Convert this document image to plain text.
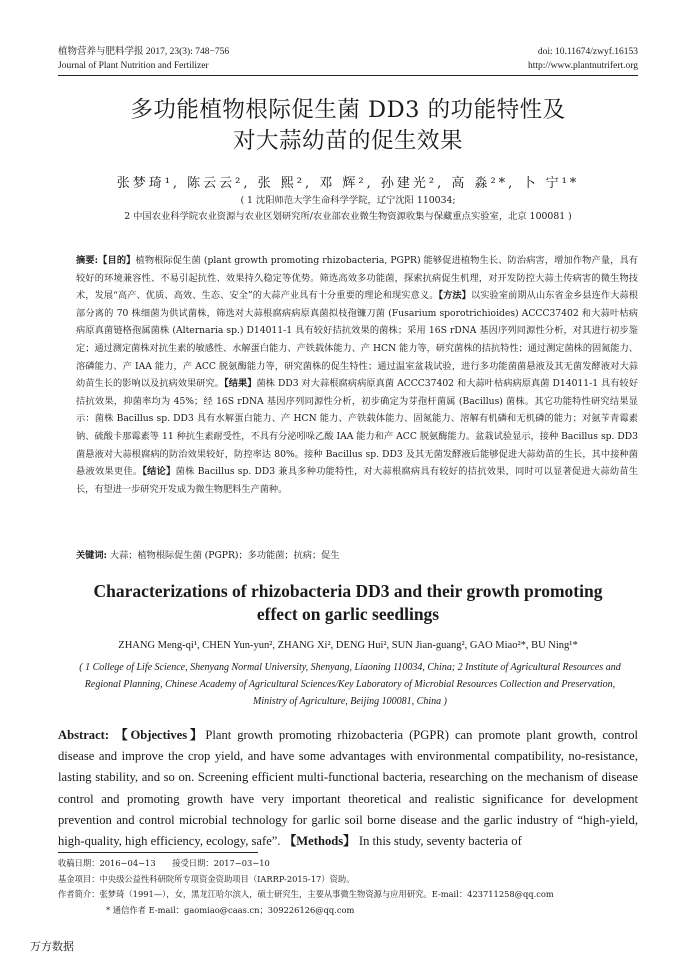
植物营养与肥料学报 2017, 23(3): 748−756
Journal of Plant Nutrition and Fertilizer
doi: 10.11674/zwyf.16153
http://www.plantnutrifert.org
多功能植物根际促生菌 DD3 的功能特性及
对大蒜幼苗的促生效果
张梦琦¹, 陈云云², 张 熙², 邓 辉², 孙建光², 高 淼²*, 卜 宁¹*
( 1 沈阳师范大学生命科学学院，辽宁沈阳 110034;
2 中国农业科学院农业资源与农业区划研究所/农业部农业微生物资源收集与保藏重点实验室，北京 100081 )
摘要:【目的】植物根际促生菌 (plant growth promoting rhizobacteria, PGPR) 能够促进植物生长、防治病害，增加作物产量，具有较好的环境兼容性、不易引起抗性、效果持久稳定等优势。筛选高效多功能菌，探索抗病促生机理，对开发防控大蒜土传病害的微生物技术，发展“高产、优质、高效、生态、安全”的大蒜产业具有十分重要的理论和现实意义。【方法】以实验室前期从山东省金乡县连作大蒜根部分离的 70 株细菌为供试菌株，筛选对大蒜根腐病病原真菌拟枝孢镰刀菌 (Fusarium sporotrichioides) ACCC37402 和大蒜叶枯病病原真菌链格孢属菌株 (Alternaria sp.) D14011-1 具有较好拮抗效果的菌株；采用 16S rDNA 基因序列同源性分析，对其进行初步鉴定；通过测定菌株对抗生素的敏感性、水解蛋白能力、产铁载体能力、产 HCN 能力等，研究菌株的拮抗特性；通过测定菌株的固氮能力、溶磷能力、产 IAA 能力，产 ACC 脱氨酶能力等，研究菌株的促生特性；通过温室盆栽试验，进行多功能菌菌悬液及其无菌发酵液对大蒜幼苗生长的影响以及抗病效果研究。【结果】菌株 DD3 对大蒜根腐病病原真菌 ACCC37402 和大蒜叶枯病病原真菌 D14011-1 具有较好拮抗效果，抑菌率均为 45%；经 16S rDNA 基因序列同源性分析，初步确定为芽孢杆菌属 (Bacillus) 菌株。其它功能特性研究结果显示：菌株 Bacillus sp. DD3 具有水解蛋白能力、产 HCN 能力、产铁载体能力、固氮能力、溶解有机磷和无机磷的能力；对氨苄青霉素钠、硫酸卡那霉素等 11 种抗生素耐受性，不具有分泌吲哚乙酸 IAA 能力和产 ACC 脱氨酶能力。盆栽试验显示，接种 Bacillus sp. DD3 菌悬液对大蒜根腐病的防治效果较好，防控率达 80%。接种 Bacillus sp. DD3 及其无菌发酵液后能够促进大蒜幼苗的生长，其中接种菌悬液效果更佳。【结论】菌株 Bacillus sp. DD3 兼具多种功能特性，对大蒜根腐病具有较好的拮抗效果，同时可以显著促进大蒜幼苗生长，有望进一步研究开发成为微生物肥料生产菌种。
关键词: 大蒜；植物根际促生菌 (PGPR)；多功能菌；抗病；促生
Characterizations of rhizobacteria DD3 and their growth promoting
effect on garlic seedlings
ZHANG Meng-qi¹, CHEN Yun-yun², ZHANG Xi², DENG Hui², SUN Jian-guang², GAO Miao²*, BU Ning¹*
( 1 College of Life Science, Shenyang Normal University, Shenyang, Liaoning 110034, China; 2 Institute of Agricultural Resources and Regional Planning, Chinese Academy of Agricultural Sciences/Key Laboratory of Microbial Resources Collection and Preservation, Ministry of Agriculture, Beijing 100081, China )
Abstract: 【Objectives】Plant growth promoting rhizobacteria (PGPR) can promote plant growth, control disease and improve the crop yield, and have some advantages with environmental compatibility, no-resistance, lasting stability, and so on. Screening efficient multi-functional bacteria, researching on the mechanism of disease control and promoting growth have very important theoretical and realistic significance for development prevention and control microbial technology for garlic soil borne disease and the garlic industry of “high-yield, high-quality, high efficiency, ecology, safe”. 【Methods】 In this study, seventy bacteria of
收稿日期：2016−04−13　　接受日期：2017−03−10
基金项目：中央级公益性科研院所专项资金资助项目（IARRP-2015-17）资助。
作者简介：张梦琦（1991—），女，黑龙江哈尔滨人，硕士研究生，主要从事微生物资源与应用研究。E-mail：423711258@qq.com
* 通信作者 E-mail：gaomiao@caas.cn；309226126@qq.com
万方数据
